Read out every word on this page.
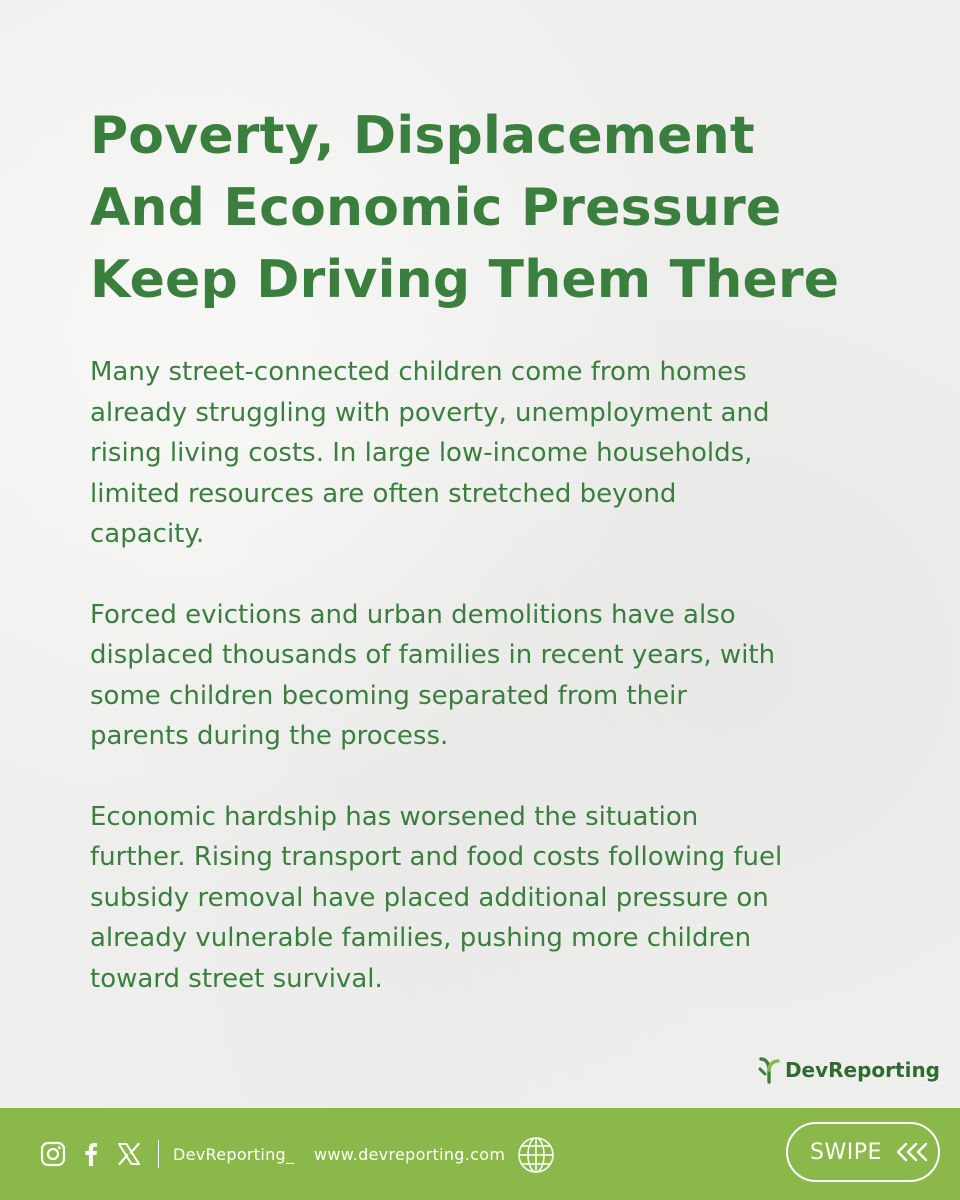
Poverty, Displacement
And Economic Pressure
Keep Driving Them There

Many street-connected children come from homes
already struggling with poverty, unemployment and
rising living costs. In large low-income households,
limited resources are often stretched beyond
capacity.

Forced evictions and urban demolitions have also
displaced thousands of families in recent years, with
some children becoming separated from their
parents during the process.

Economic hardship has worsened the situation
further. Rising transport and food costs following fuel
subsidy removal have placed additional pressure on
already vulnerable families, pushing more children
toward street survival.

DevReporting
DevReporting_ www.devreporting.com	SWIPE
